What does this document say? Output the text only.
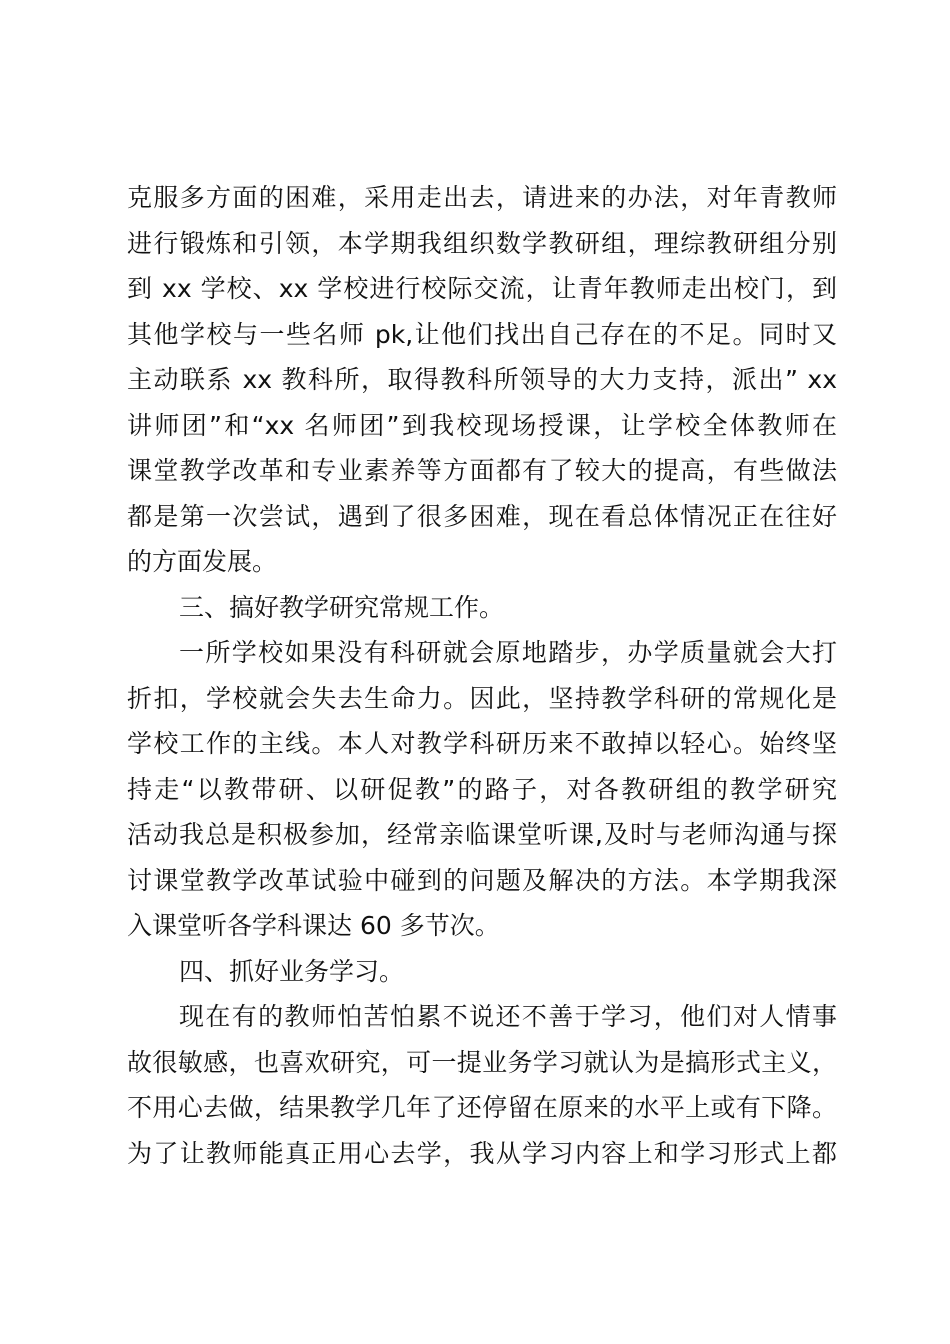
克服多方面的困难，采用走出去，请进来的办法，对年青教师
进行锻炼和引领，本学期我组织数学教研组，理综教研组分别
到 xx 学校、xx 学校进行校际交流，让青年教师走出校门，到
其他学校与一些名师 pk,让他们找出自己存在的不足。同时又
主动联系 xx 教科所，取得教科所领导的大力支持，派出” xx
讲师团”和“xx 名师团”到我校现场授课，让学校全体教师在
课堂教学改革和专业素养等方面都有了较大的提高，有些做法
都是第一次尝试，遇到了很多困难，现在看总体情况正在往好
的方面发展。
三、搞好教学研究常规工作。
一所学校如果没有科研就会原地踏步，办学质量就会大打
折扣，学校就会失去生命力。因此，坚持教学科研的常规化是
学校工作的主线。本人对教学科研历来不敢掉以轻心。始终坚
持走“以教带研、以研促教”的路子，对各教研组的教学研究
活动我总是积极参加，经常亲临课堂听课,及时与老师沟通与探
讨课堂教学改革试验中碰到的问题及解决的方法。本学期我深
入课堂听各学科课达 60 多节次。
四、抓好业务学习。
现在有的教师怕苦怕累不说还不善于学习，他们对人情事
故很敏感，也喜欢研究，可一提业务学习就认为是搞形式主义，
不用心去做，结果教学几年了还停留在原来的水平上或有下降。
为了让教师能真正用心去学，我从学习内容上和学习形式上都
